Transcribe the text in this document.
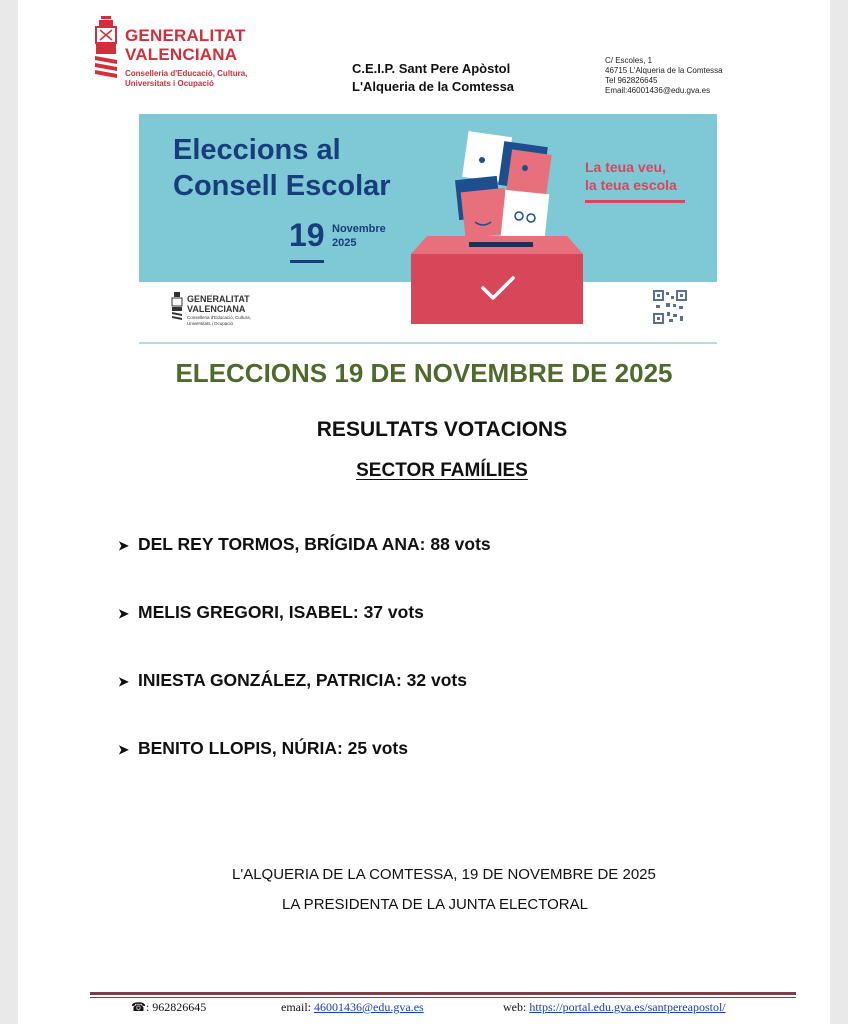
GENERALITAT
VALENCIANA
Conselleria d'Educació, Cultura,
Universitats i Ocupació
C.E.I.P. Sant Pere Apòstol
L'Alqueria de la Comtessa
C/ Escoles, 1
46715 L'Alqueria de la Comtessa
Tel 962826645
Email:46001436@edu.gva.es
Eleccions al
Consell Escolar
19 Novembre
2025
La teua veu,
la teua escola
GENERALITAT
VALENCIANA
Conselleria d'Educació, Cultura,
Universitats i Ocupació
ELECCIONS 19 DE NOVEMBRE DE 2025
RESULTATS VOTACIONS
SECTOR FAMÍLIES
➤ DEL REY TORMOS, BRÍGIDA ANA: 88 vots
➤ MELIS GREGORI, ISABEL: 37 vots
➤ INIESTA GONZÁLEZ, PATRICIA: 32 vots
➤ BENITO LLOPIS, NÚRIA: 25 vots
L'ALQUERIA DE LA COMTESSA, 19 DE NOVEMBRE DE 2025
LA PRESIDENTA DE LA JUNTA ELECTORAL
☎: 962826645	email: 46001436@edu.gva.es	web: https://portal.edu.gva.es/santpereapostol/
